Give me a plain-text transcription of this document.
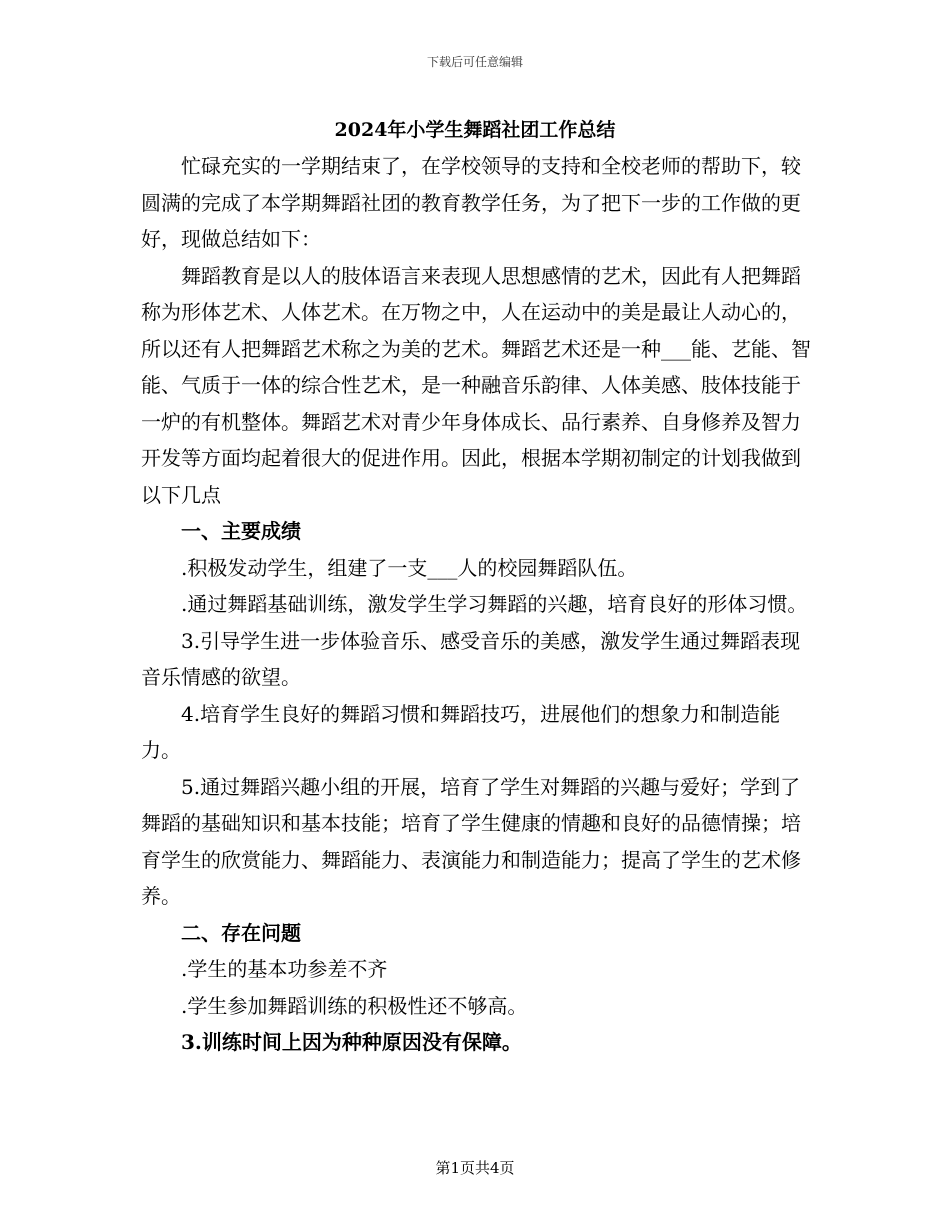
下载后可任意编辑
2024年小学生舞蹈社团工作总结

忙碌充实的一学期结束了，在学校领导的支持和全校老师的帮助下，较圆满的完成了本学期舞蹈社团的教育教学任务，为了把下一步的工作做的更好，现做总结如下：

舞蹈教育是以人的肢体语言来表现人思想感情的艺术，因此有人把舞蹈称为形体艺术、人体艺术。在万物之中，人在运动中的美是最让人动心的，所以还有人把舞蹈艺术称之为美的艺术。舞蹈艺术还是一种___能、艺能、智能、气质于一体的综合性艺术，是一种融音乐韵律、人体美感、肢体技能于一炉的有机整体。舞蹈艺术对青少年身体成长、品行素养、自身修养及智力开发等方面均起着很大的促进作用。因此，根据本学期初制定的计划我做到以下几点

一、主要成绩

.积极发动学生，组建了一支___人的校园舞蹈队伍。

.通过舞蹈基础训练，激发学生学习舞蹈的兴趣，培育良好的形体习惯。

3.引导学生进一步体验音乐、感受音乐的美感，激发学生通过舞蹈表现音乐情感的欲望。

4.培育学生良好的舞蹈习惯和舞蹈技巧，进展他们的想象力和制造能力。

5.通过舞蹈兴趣小组的开展，培育了学生对舞蹈的兴趣与爱好；学到了舞蹈的基础知识和基本技能；培育了学生健康的情趣和良好的品德情操；培育学生的欣赏能力、舞蹈能力、表演能力和制造能力；提高了学生的艺术修养。

二、存在问题

.学生的基本功参差不齐

.学生参加舞蹈训练的积极性还不够高。

3.训练时间上因为种种原因没有保障。

第1页共4页
